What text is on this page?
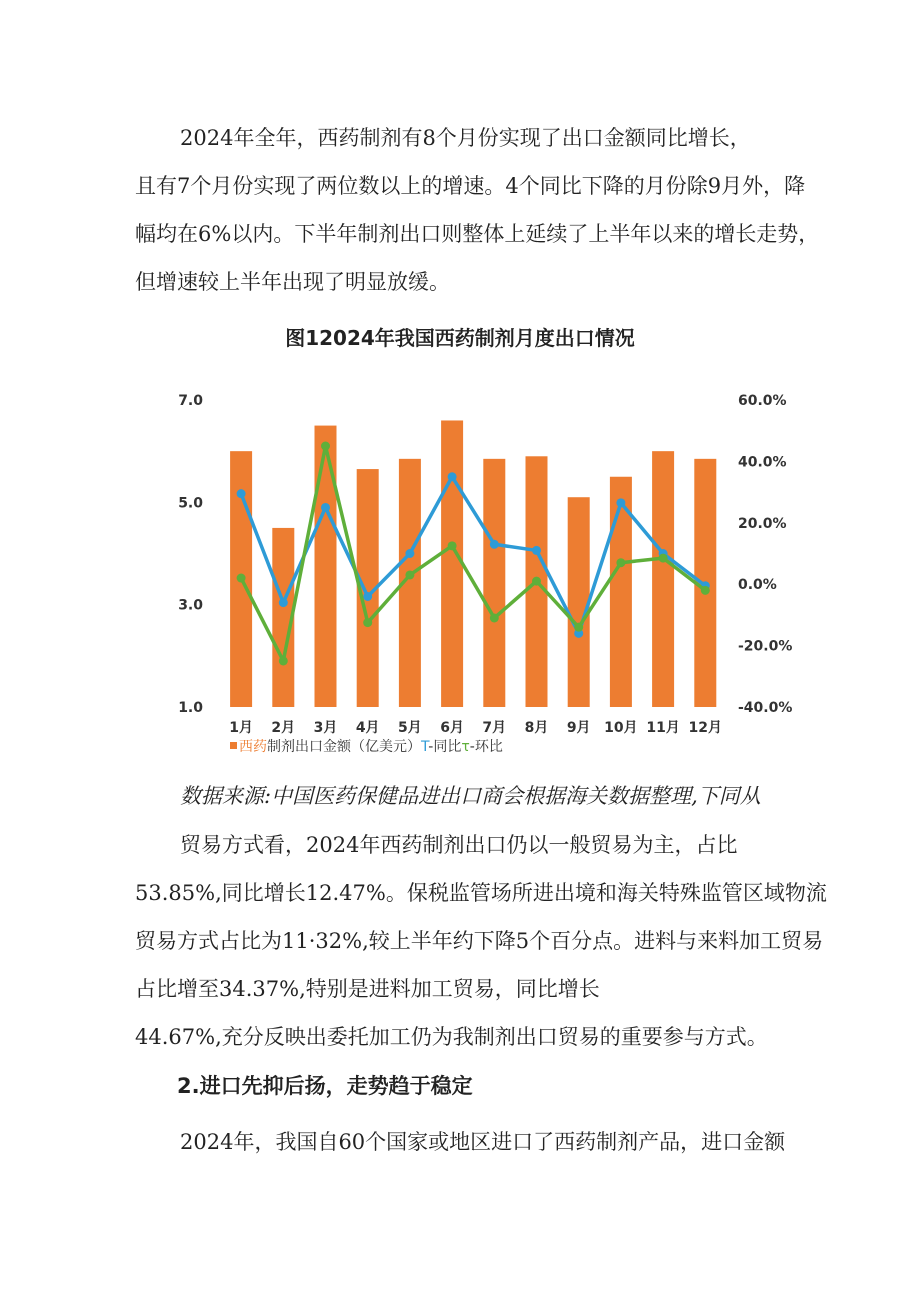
2024年全年，西药制剂有8个月份实现了出口金额同比增长，
且有7个月份实现了两位数以上的增速。4个同比下降的月份除9月外，降
幅均在6%以内。下半年制剂出口则整体上延续了上半年以来的增长走势，
但增速较上半年出现了明显放缓。
图12024年我国西药制剂月度出口情况
7.0
5.0
3.0
1.0
60.0%
40.0%
20.0%
0.0%
-20.0%
-40.0%
1月 2月 3月 4月 5月 6月 7月 8月 9月 10月 11月 12月
西药制剂出口金额（亿美元）T-同比τ-环比
数据来源:中国医药保健品进出口商会根据海关数据整理,下同从
贸易方式看，2024年西药制剂出口仍以一般贸易为主，占比
53.85%,同比增长12.47%。保税监管场所进出境和海关特殊监管区域物流
贸易方式占比为11·32%,较上半年约下降5个百分点。进料与来料加工贸易
占比增至34.37%,特别是进料加工贸易，同比增长
44.67%,充分反映出委托加工仍为我制剂出口贸易的重要参与方式。
2.进口先抑后扬，走势趋于稳定
2024年，我国自60个国家或地区进口了西药制剂产品，进口金额
